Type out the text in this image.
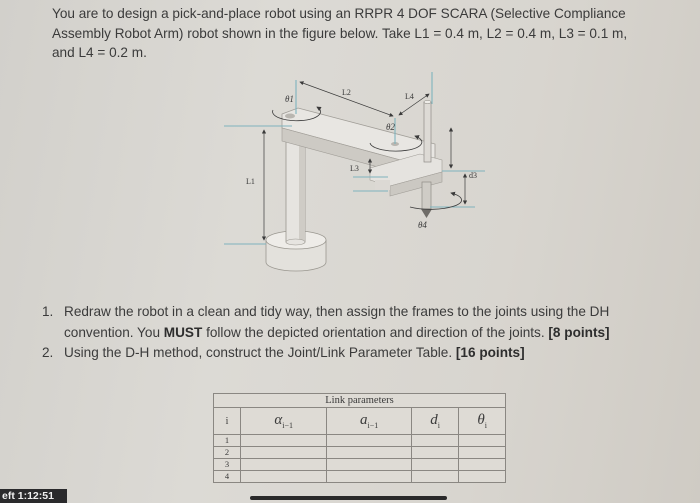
You are to design a pick-and-place robot using an RRPR 4 DOF SCARA (Selective Compliance Assembly Robot Arm) robot shown in the figure below. Take L1 = 0.4 m, L2 = 0.4 m, L3 = 0.1 m, and L4 = 0.2 m.
θ1
L2	L4
θ2
L3
L1
d3
θ4
1. Redraw the robot in a clean and tidy way, then assign the frames to the joints using the DH convention. You MUST follow the depicted orientation and direction of the joints. [8 points]
2. Using the D-H method, construct the Joint/Link Parameter Table. [16 points]
Link parameters				
i	$\alpha_{i-1}$	$a_{i-1}$	$d_i$	$\theta_i$
1				
2				
3				
4				
eft 1:12:51
